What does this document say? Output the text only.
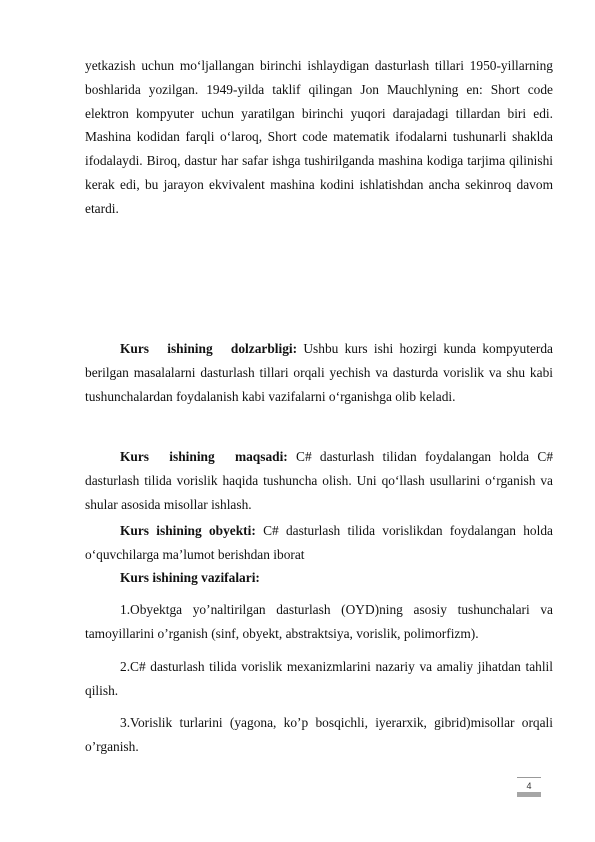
yetkazish uchun moʻljallangan birinchi ishlaydigan dasturlash tillari 1950-yillarning boshlarida yozilgan. 1949-yilda taklif qilingan Jon Mauchlyning en: Short code elektron kompyuter uchun yaratilgan birinchi yuqori darajadagi tillardan biri edi. Mashina kodidan farqli oʻlaroq, Short code matematik ifodalarni tushunarli shaklda ifodalaydi. Biroq, dastur har safar ishga tushirilganda mashina kodiga tarjima qilinishi kerak edi, bu jarayon ekvivalent mashina kodini ishlatishdan ancha sekinroq davom etardi.

Kurs ishining dolzarbligi: Ushbu kurs ishi hozirgi kunda kompyuterda berilgan masalalarni dasturlash tillari orqali yechish va dasturda vorislik va shu kabi tushunchalardan foydalanish kabi vazifalarni o‘rganishga olib keladi.

Kurs ishining maqsadi: C# dasturlash tilidan foydalangan holda C# dasturlash tilida vorislik haqida tushuncha olish. Uni qo‘llash usullarini o‘rganish va shular asosida misollar ishlash.

Kurs ishining obyekti: C# dasturlash tilida vorislikdan foydalangan holda o‘quvchilarga ma’lumot berishdan iborat

Kurs ishining vazifalari:

1.Obyektga yo’naltirilgan dasturlash (OYD)ning asosiy tushunchalari va tamoyillarini o’rganish (sinf, obyekt, abstraktsiya, vorislik, polimorfizm).

2.C# dasturlash tilida vorislik mexanizmlarini nazariy va amaliy jihatdan tahlil qilish.

3.Vorislik turlarini (yagona, ko’p bosqichli, iyerarxik, gibrid)misollar orqali o’rganish.

4
